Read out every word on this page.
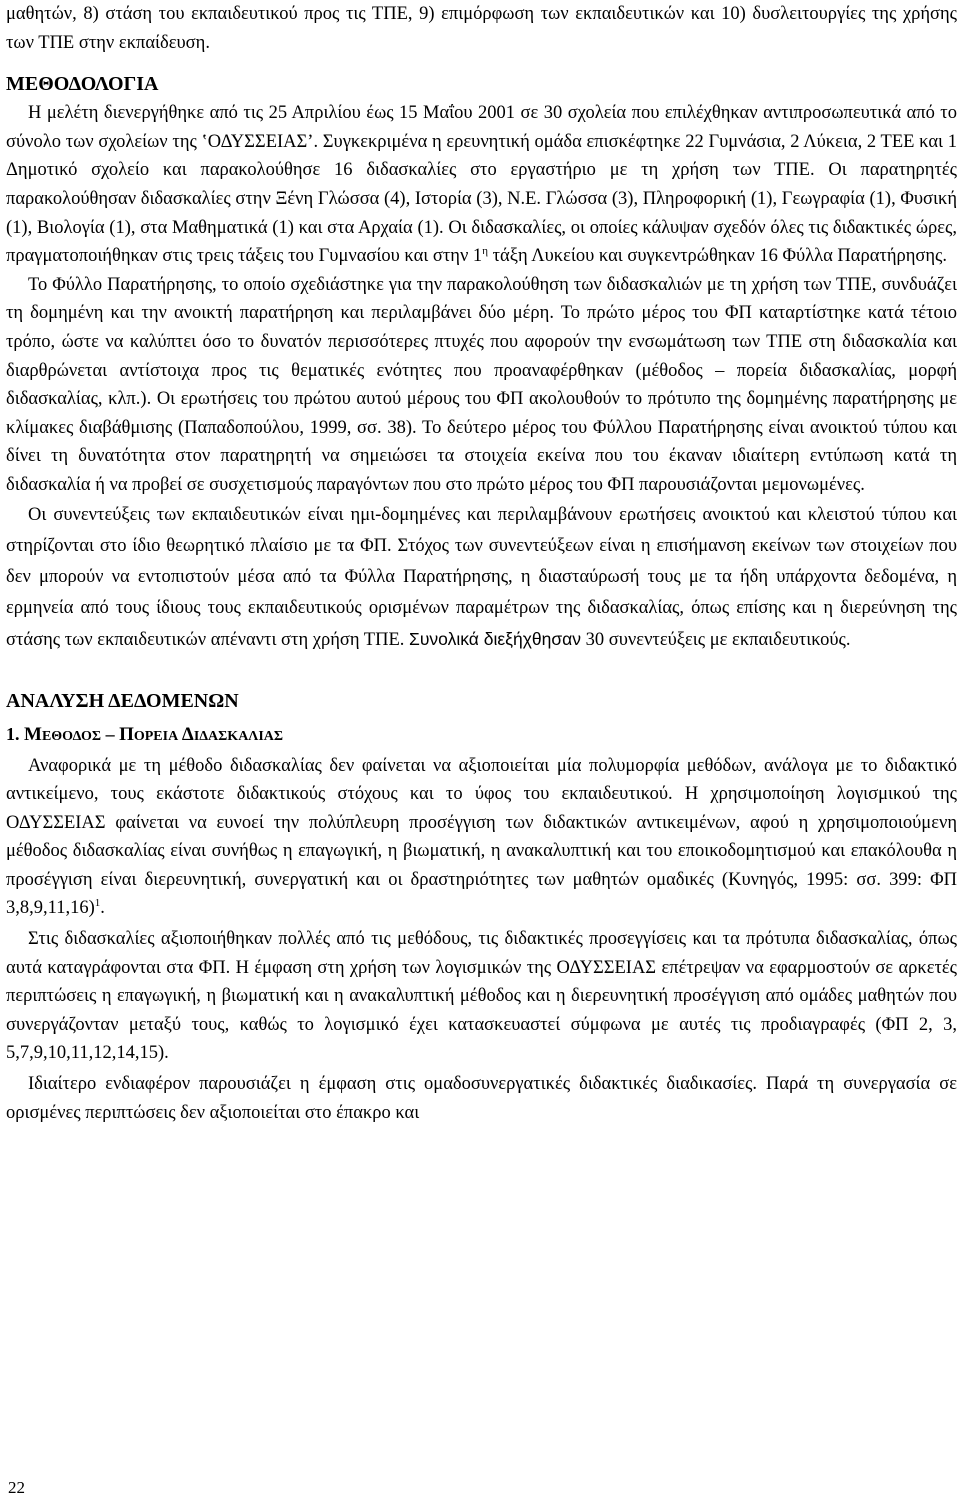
μαθητών, 8) στάση του εκπαιδευτικού προς τις ΤΠΕ, 9) επιμόρφωση των εκπαιδευτικών και 10) δυσλειτουργίες της χρήσης των ΤΠΕ στην εκπαίδευση.

ΜΕΘΟΔΟΛΟΓΙΑ

Η μελέτη διενεργήθηκε από τις 25 Απριλίου έως 15 Μαΐου 2001 σε 30 σχολεία που επιλέχθηκαν αντιπροσωπευτικά από το σύνολο των σχολείων της ‛ΟΔΥΣΣΕΙΑΣ’. Συγκεκριμένα η ερευνητική ομάδα επισκέφτηκε 22 Γυμνάσια, 2 Λύκεια, 2 ΤΕΕ και 1 Δημοτικό σχολείο και παρακολούθησε 16 διδασκαλίες στο εργαστήριο με τη χρήση των ΤΠΕ. Οι παρατηρητές παρακολούθησαν διδασκαλίες στην Ξένη Γλώσσα (4), Ιστορία (3), Ν.Ε. Γλώσσα (3), Πληροφορική (1), Γεωγραφία (1), Φυσική (1), Βιολογία (1), στα Μαθηματικά (1) και στα Αρχαία (1). Οι διδασκαλίες, οι οποίες κάλυψαν σχεδόν όλες τις διδακτικές ώρες, πραγματοποιήθηκαν στις τρεις τάξεις του Γυμνασίου και στην $1^\eta$ τάξη Λυκείου και συγκεντρώθηκαν 16 Φύλλα Παρατήρησης.

Το Φύλλο Παρατήρησης, το οποίο σχεδιάστηκε για την παρακολούθηση των διδασκαλιών με τη χρήση των ΤΠΕ, συνδυάζει τη δομημένη και την ανοικτή παρατήρηση και περιλαμβάνει δύο μέρη. Το πρώτο μέρος του ΦΠ καταρτίστηκε κατά τέτοιο τρόπο, ώστε να καλύπτει όσο το δυνατόν περισσότερες πτυχές που αφορούν την ενσωμάτωση των ΤΠΕ στη διδασκαλία και διαρθρώνεται αντίστοιχα προς τις θεματικές ενότητες που προαναφέρθηκαν (μέθοδος – πορεία διδασκαλίας, μορφή διδασκαλίας, κλπ.). Οι ερωτήσεις του πρώτου αυτού μέρους του ΦΠ ακολουθούν το πρότυπο της δομημένης παρατήρησης με κλίμακες διαβάθμισης (Παπαδοπούλου, 1999, σσ. 38). Το δεύτερο μέρος του Φύλλου Παρατήρησης είναι ανοικτού τύπου και δίνει τη δυνατότητα στον παρατηρητή να σημειώσει τα στοιχεία εκείνα που του έκαναν ιδιαίτερη εντύπωση κατά τη διδασκαλία ή να προβεί σε συσχετισμούς παραγόντων που στο πρώτο μέρος του ΦΠ παρουσιάζονται μεμονωμένες.

Οι συνεντεύξεις των εκπαιδευτικών είναι ημι-δομημένες και περιλαμβάνουν ερωτήσεις ανοικτού και κλειστού τύπου και στηρίζονται στο ίδιο θεωρητικό πλαίσιο με τα ΦΠ. Στόχος των συνεντεύξεων είναι η επισήμανση εκείνων των στοιχείων που δεν μπορούν να εντοπιστούν μέσα από τα Φύλλα Παρατήρησης, η διασταύρωσή τους με τα ήδη υπάρχοντα δεδομένα, η ερμηνεία από τους ίδιους τους εκπαιδευτικούς ορισμένων παραμέτρων της διδασκαλίας, όπως επίσης και η διερεύνηση της στάσης των εκπαιδευτικών απέναντι στη χρήση ΤΠΕ. Συνολικά διεξήχθησαν 30 συνεντεύξεις με εκπαιδευτικούς.

ΑΝΑΛΥΣΗ ΔΕΔΟΜΕΝΩΝ

1. ΜΕΘΟΔΟΣ – ΠΟΡΕΙΑ ΔΙΔΑΣΚΑΛΙΑΣ

Αναφορικά με τη μέθοδο διδασκαλίας δεν φαίνεται να αξιοποιείται μία πολυμορφία μεθόδων, ανάλογα με το διδακτικό αντικείμενο, τους εκάστοτε διδακτικούς στόχους και το ύφος του εκπαιδευτικού. Η χρησιμοποίηση λογισμικού της ΟΔΥΣΣΕΙΑΣ φαίνεται να ευνοεί την πολύπλευρη προσέγγιση των διδακτικών αντικειμένων, αφού η χρησιμοποιούμενη μέθοδος διδασκαλίας είναι συνήθως η επαγωγική, η βιωματική, η ανακαλυπτική και του εποικοδομητισμού και επακόλουθα η προσέγγιση είναι διερευνητική, συνεργατική και οι δραστηριότητες των μαθητών ομαδικές (Κυνηγός, 1995: σσ. 399: ΦΠ 3,8,9,11,16)$^1$.

Στις διδασκαλίες αξιοποιήθηκαν πολλές από τις μεθόδους, τις διδακτικές προσεγγίσεις και τα πρότυπα διδασκαλίας, όπως αυτά καταγράφονται στα ΦΠ. Η έμφαση στη χρήση των λογισμικών της ΟΔΥΣΣΕΙΑΣ επέτρεψαν να εφαρμοστούν σε αρκετές περιπτώσεις η επαγωγική, η βιωματική και η ανακαλυπτική μέθοδος και η διερευνητική προσέγγιση από ομάδες μαθητών που συνεργάζονταν μεταξύ τους, καθώς το λογισμικό έχει κατασκευαστεί σύμφωνα με αυτές τις προδιαγραφές (ΦΠ 2, 3, 5,7,9,10,11,12,14,15).

Ιδιαίτερο ενδιαφέρον παρουσιάζει η έμφαση στις ομαδοσυνεργατικές διδακτικές διαδικασίες. Παρά τη συνεργασία σε ορισμένες περιπτώσεις δεν αξιοποιείται στο έπακρο και

22
